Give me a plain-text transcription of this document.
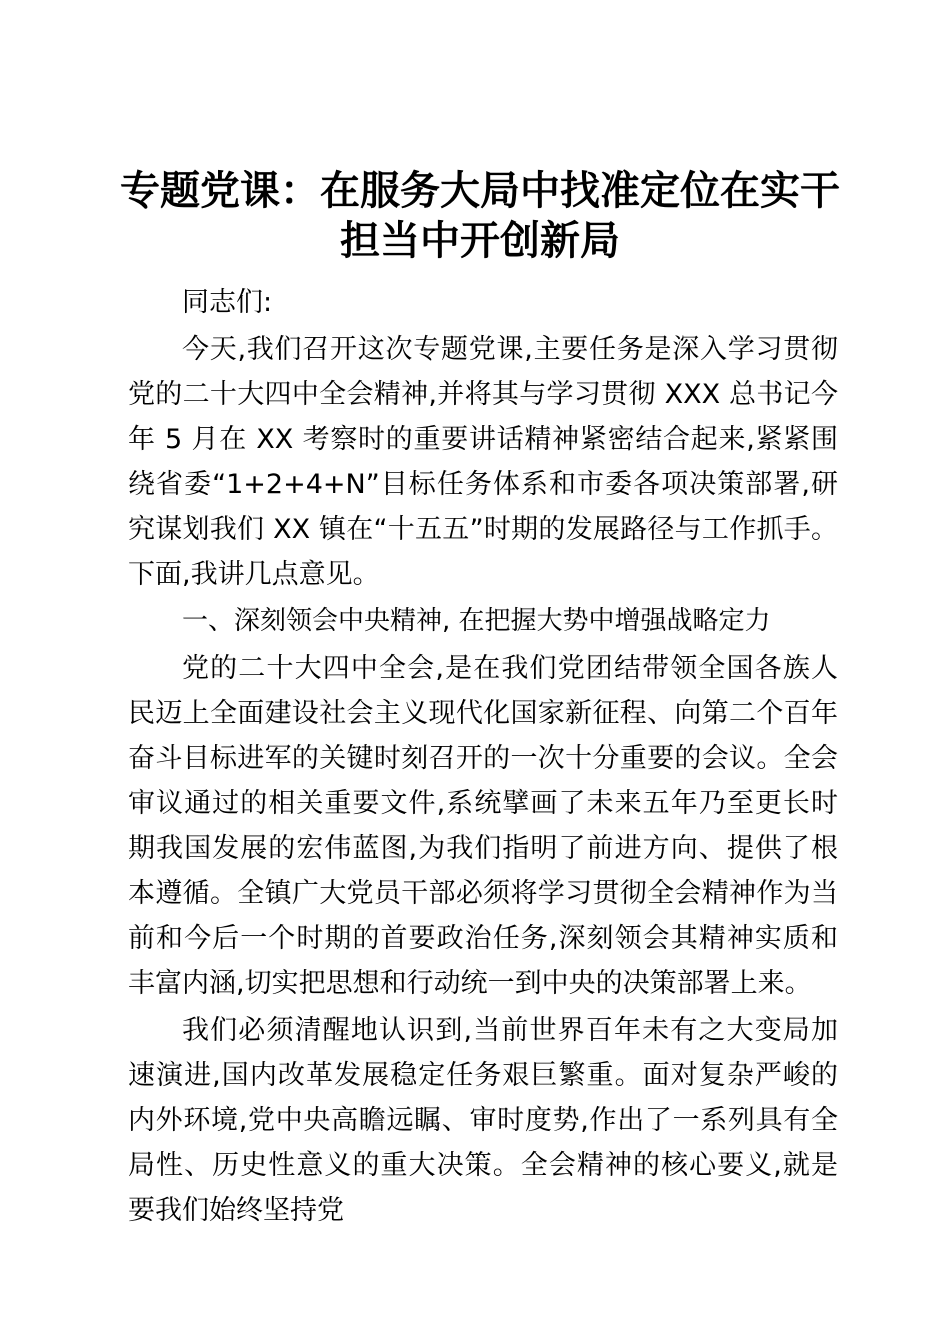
专题党课：在服务大局中找准定位在实干担当中开创新局

同志们:

今天,我们召开这次专题党课,主要任务是深入学习贯彻党的二十大四中全会精神,并将其与学习贯彻 XXX 总书记今年 5 月在 XX 考察时的重要讲话精神紧密结合起来,紧紧围绕省委“1+2+4+N”目标任务体系和市委各项决策部署,研究谋划我们 XX 镇在“十五五”时期的发展路径与工作抓手。下面,我讲几点意见。

一、深刻领会中央精神, 在把握大势中增强战略定力

党的二十大四中全会,是在我们党团结带领全国各族人民迈上全面建设社会主义现代化国家新征程、向第二个百年奋斗目标进军的关键时刻召开的一次十分重要的会议。全会审议通过的相关重要文件,系统擘画了未来五年乃至更长时期我国发展的宏伟蓝图,为我们指明了前进方向、提供了根本遵循。全镇广大党员干部必须将学习贯彻全会精神作为当前和今后一个时期的首要政治任务,深刻领会其精神实质和丰富内涵,切实把思想和行动统一到中央的决策部署上来。

我们必须清醒地认识到,当前世界百年未有之大变局加速演进,国内改革发展稳定任务艰巨繁重。面对复杂严峻的内外环境,党中央高瞻远瞩、审时度势,作出了一系列具有全局性、历史性意义的重大决策。全会精神的核心要义,就是要我们始终坚持党
